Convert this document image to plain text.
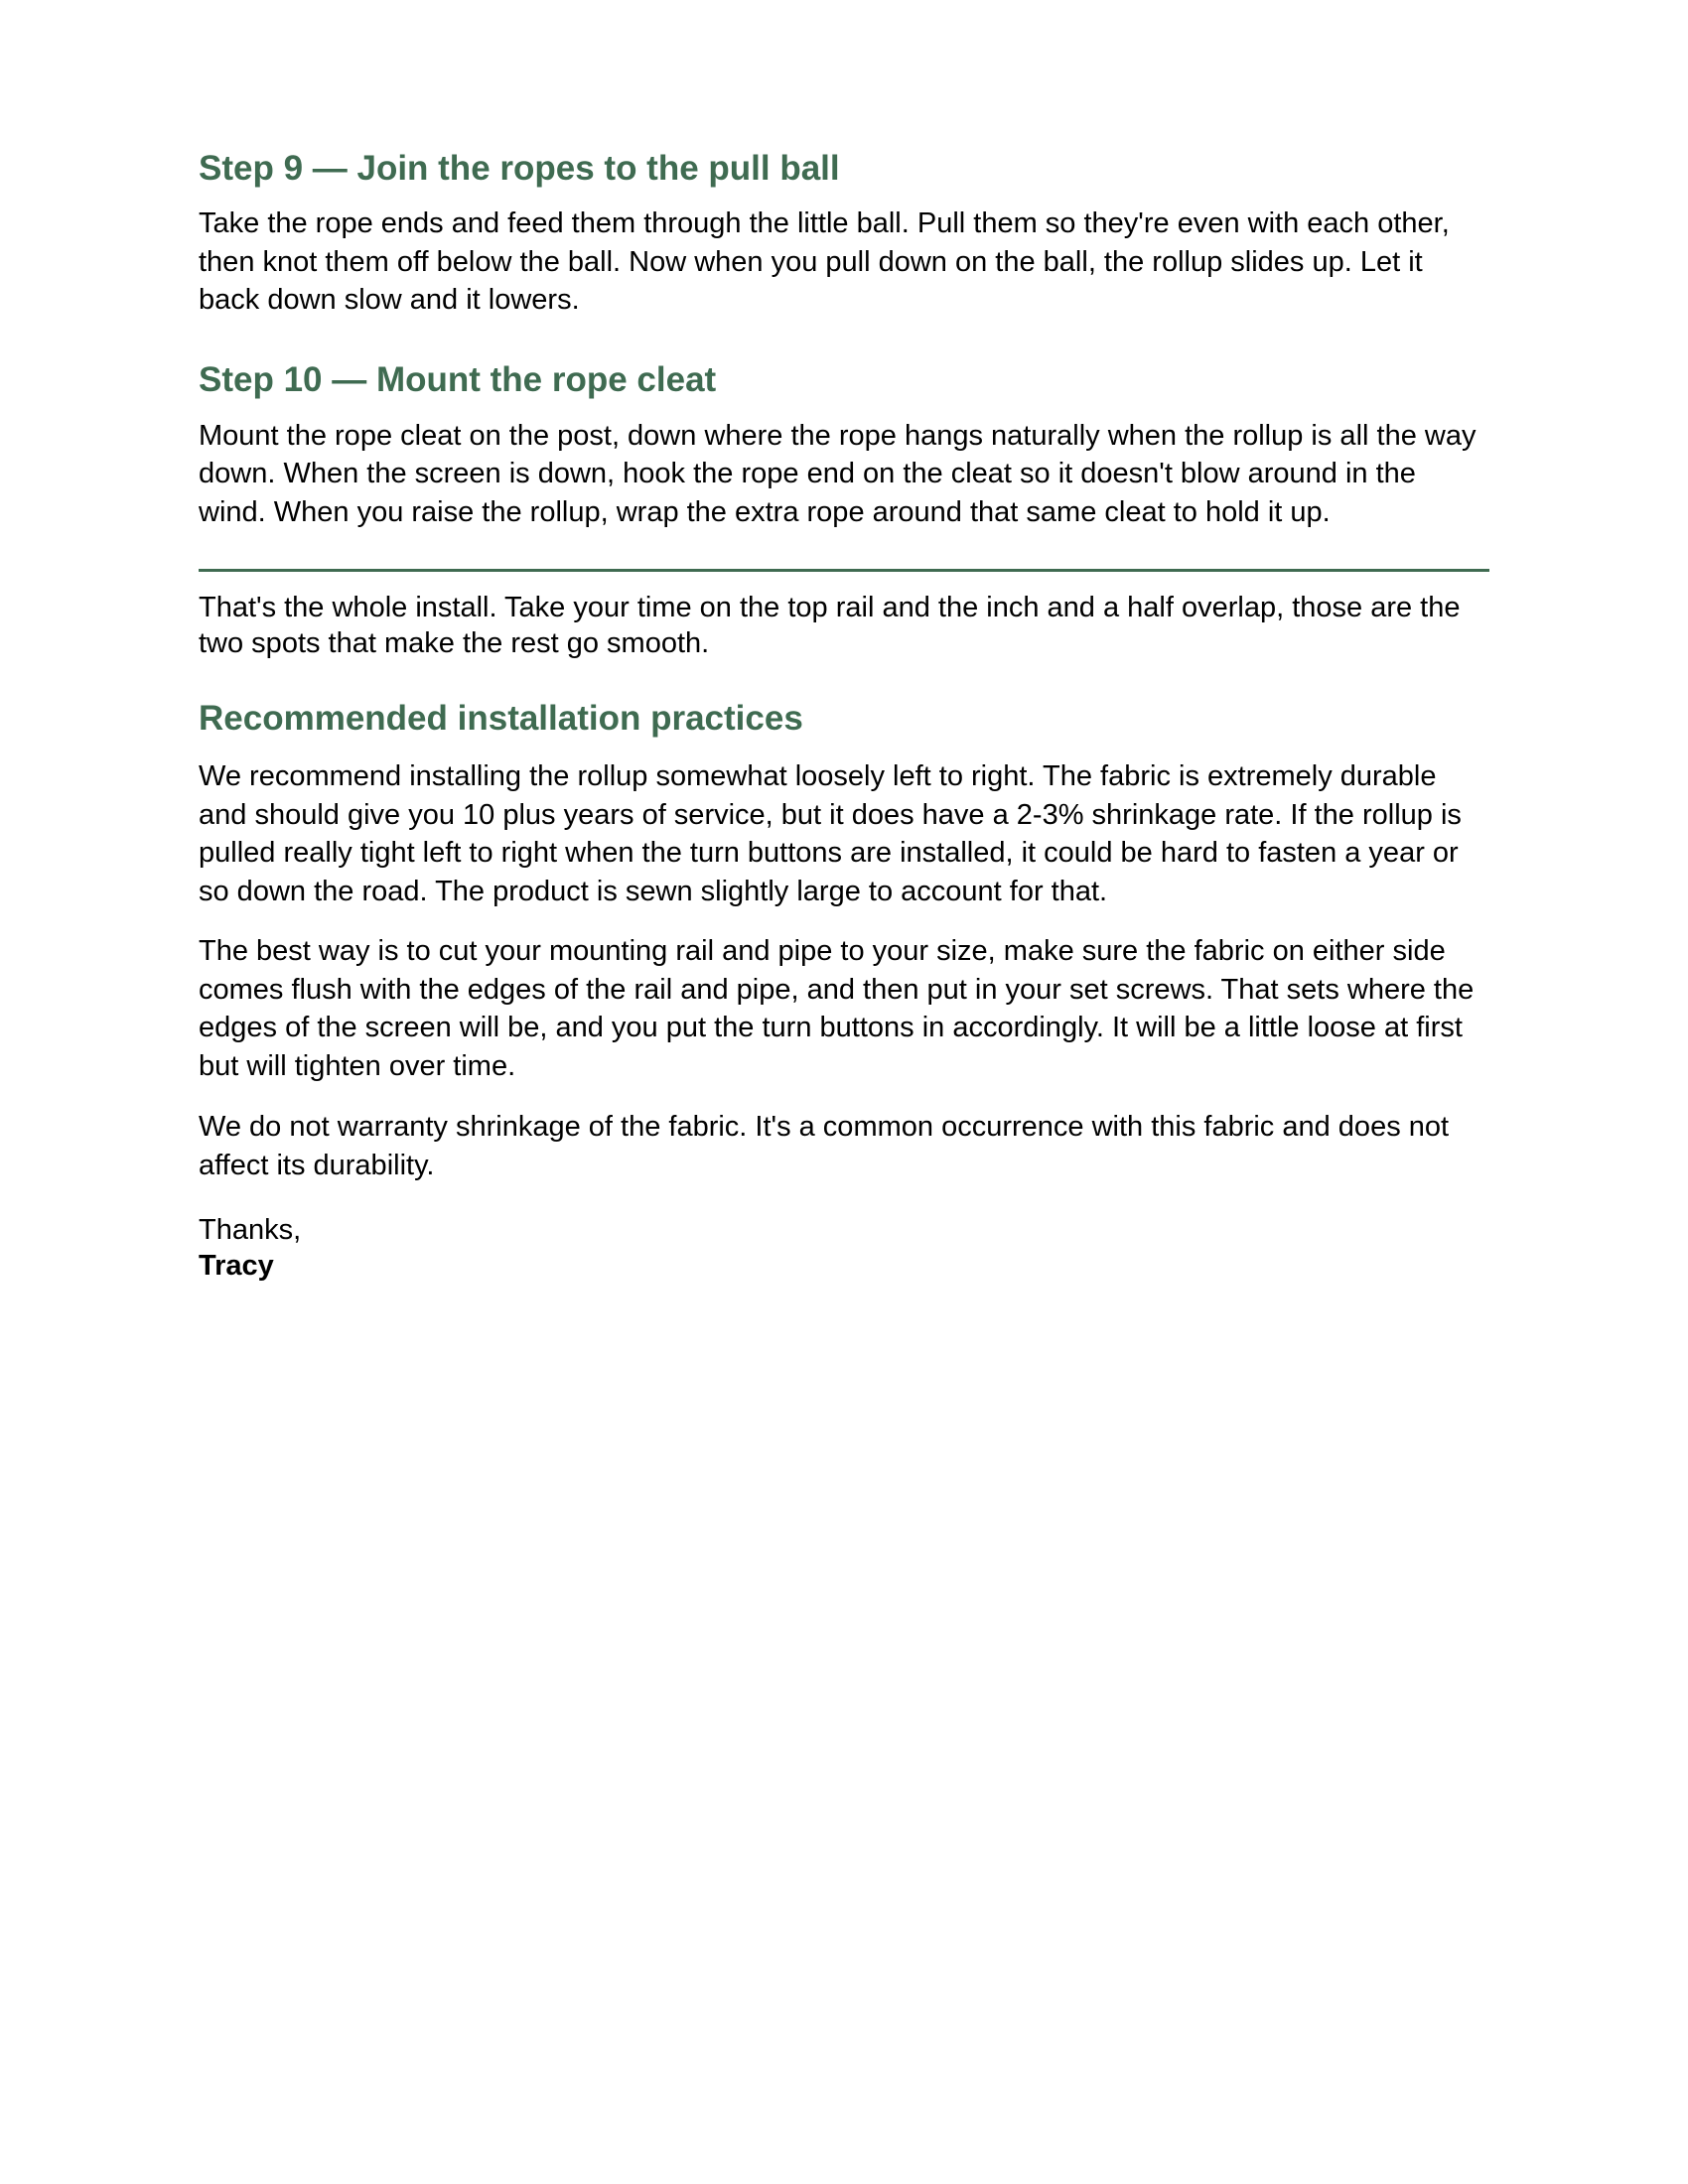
Step 9 — Join the ropes to the pull ball

Take the rope ends and feed them through the little ball. Pull them so they're even with each other, then knot them off below the ball. Now when you pull down on the ball, the rollup slides up. Let it back down slow and it lowers.

Step 10 — Mount the rope cleat

Mount the rope cleat on the post, down where the rope hangs naturally when the rollup is all the way down. When the screen is down, hook the rope end on the cleat so it doesn't blow around in the wind. When you raise the rollup, wrap the extra rope around that same cleat to hold it up.

That's the whole install. Take your time on the top rail and the inch and a half overlap, those are the two spots that make the rest go smooth.

Recommended installation practices

We recommend installing the rollup somewhat loosely left to right. The fabric is extremely durable and should give you 10 plus years of service, but it does have a 2-3% shrinkage rate. If the rollup is pulled really tight left to right when the turn buttons are installed, it could be hard to fasten a year or so down the road. The product is sewn slightly large to account for that.

The best way is to cut your mounting rail and pipe to your size, make sure the fabric on either side comes flush with the edges of the rail and pipe, and then put in your set screws. That sets where the edges of the screen will be, and you put the turn buttons in accordingly. It will be a little loose at first but will tighten over time.

We do not warranty shrinkage of the fabric. It's a common occurrence with this fabric and does not affect its durability.

Thanks,
Tracy
